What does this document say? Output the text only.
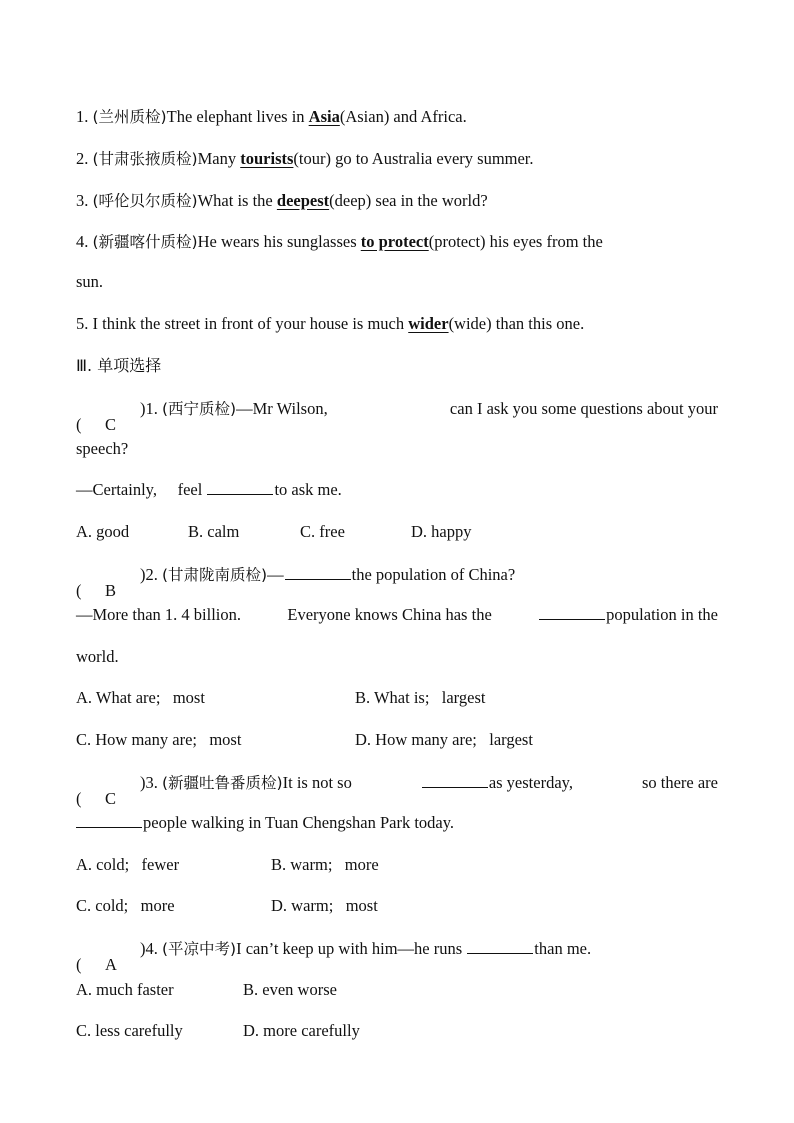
1. (兰州质检)The elephant lives in Asia(Asian) and Africa.
2. (甘肃张掖质检)Many tourists(tour) go to Australia every summer.
3. (呼伦贝尔质检)What is the deepest(deep) sea in the world?
4. (新疆喀什质检)He wears his sunglasses to protect(protect) his eyes from the
sun.
5. I think the street in front of your house is much wider(wide) than this one.
Ⅲ. 单项选择
( C
)1. (西宁质检)—Mr Wilson,	can I ask you some questions about your
speech?
—Certainly, feel	to ask me.
A. good	B. calm	C. free	D. happy
( B
)2. (甘肃陇南质检)—	the population of China?
—More than 1. 4 billion.	Everyone knows China has the	population in the
world.
A. What are;   most	B. What is;   largest
C. How many are;   most	D. How many are;   largest
( C
)3. (新疆吐鲁番质检)It is not so	as yesterday,	so there are
people walking in Tuan Chengshan Park today.
A. cold;   fewer	B. warm;   more
C. cold;   more	D. warm;   most
( A
)4. (平凉中考)I can’t keep up with him—he runs	than me.
A. much faster	B. even worse
C. less carefully	D. more carefully
